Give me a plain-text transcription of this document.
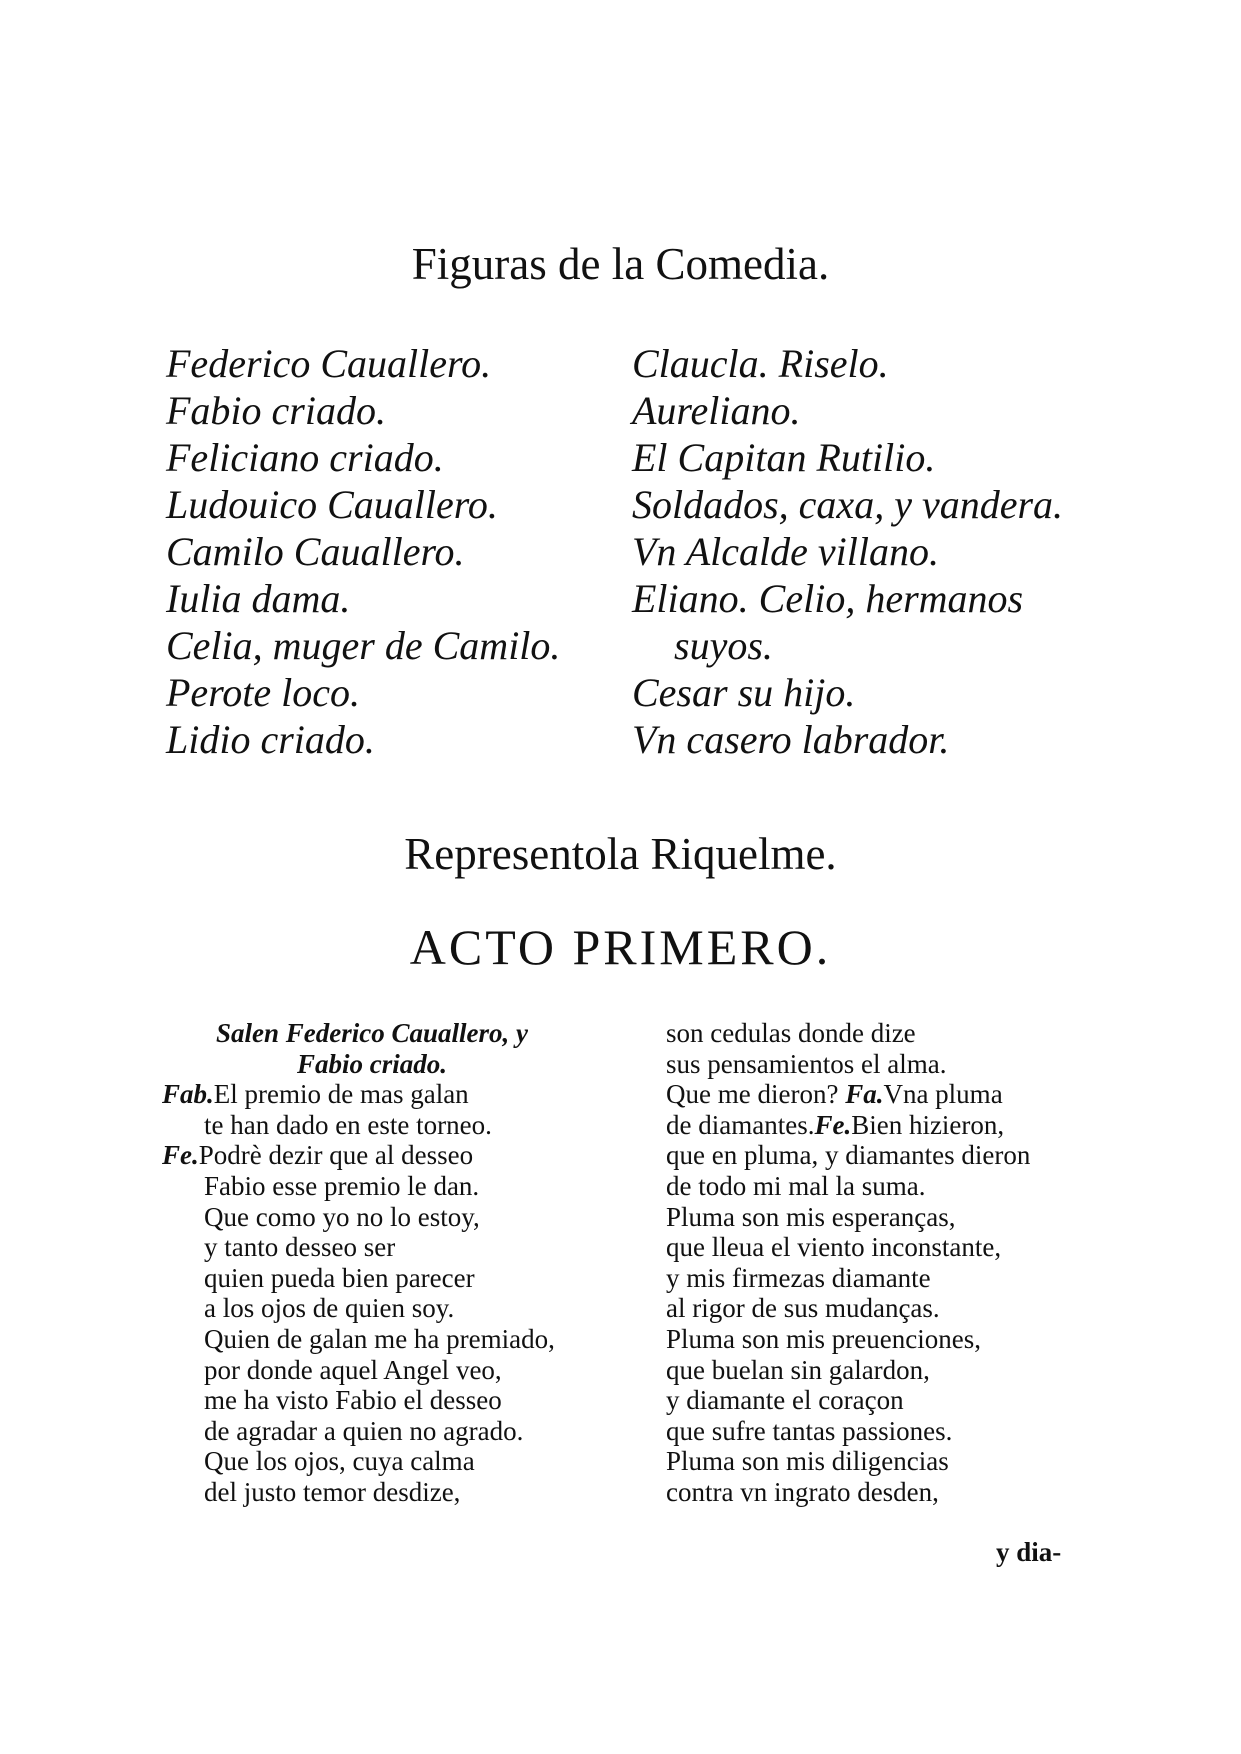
Figuras de la Comedia.
Federico Cauallero.
Fabio criado.
Feliciano criado.
Ludouico Cauallero.
Camilo Cauallero.
Iulia dama.
Celia, muger de Camilo.
Perote loco.
Lidio criado.
Claucla. Riselo.
Aureliano.
El Capitan Rutilio.
Soldados, caxa, y vandera.
Vn Alcalde villano.
Eliano. Celio, hermanos
suyos.
Cesar su hijo.
Vn casero labrador.
Representola Riquelme.
ACTO PRIMERO.
Salen Federico Cauallero, y
Fabio criado.
Fab.El premio de mas galan
te han dado en este torneo.
Fe.Podrè dezir que al desseo
Fabio esse premio le dan.
Que como yo no lo estoy,
y tanto desseo ser
quien pueda bien parecer
a los ojos de quien soy.
Quien de galan me ha premiado,
por donde aquel Angel veo,
me ha visto Fabio el desseo
de agradar a quien no agrado.
Que los ojos, cuya calma
del justo temor desdize,
son cedulas donde dize
sus pensamientos el alma.
Que me dieron? Fa.Vna pluma
de diamantes.Fe.Bien hizieron,
que en pluma, y diamantes dieron
de todo mi mal la suma.
Pluma son mis esperanças,
que lleua el viento inconstante,
y mis firmezas diamante
al rigor de sus mudanças.
Pluma son mis preuenciones,
que buelan sin galardon,
y diamante el coraçon
que sufre tantas passiones.
Pluma son mis diligencias
contra vn ingrato desden,
y dia-
